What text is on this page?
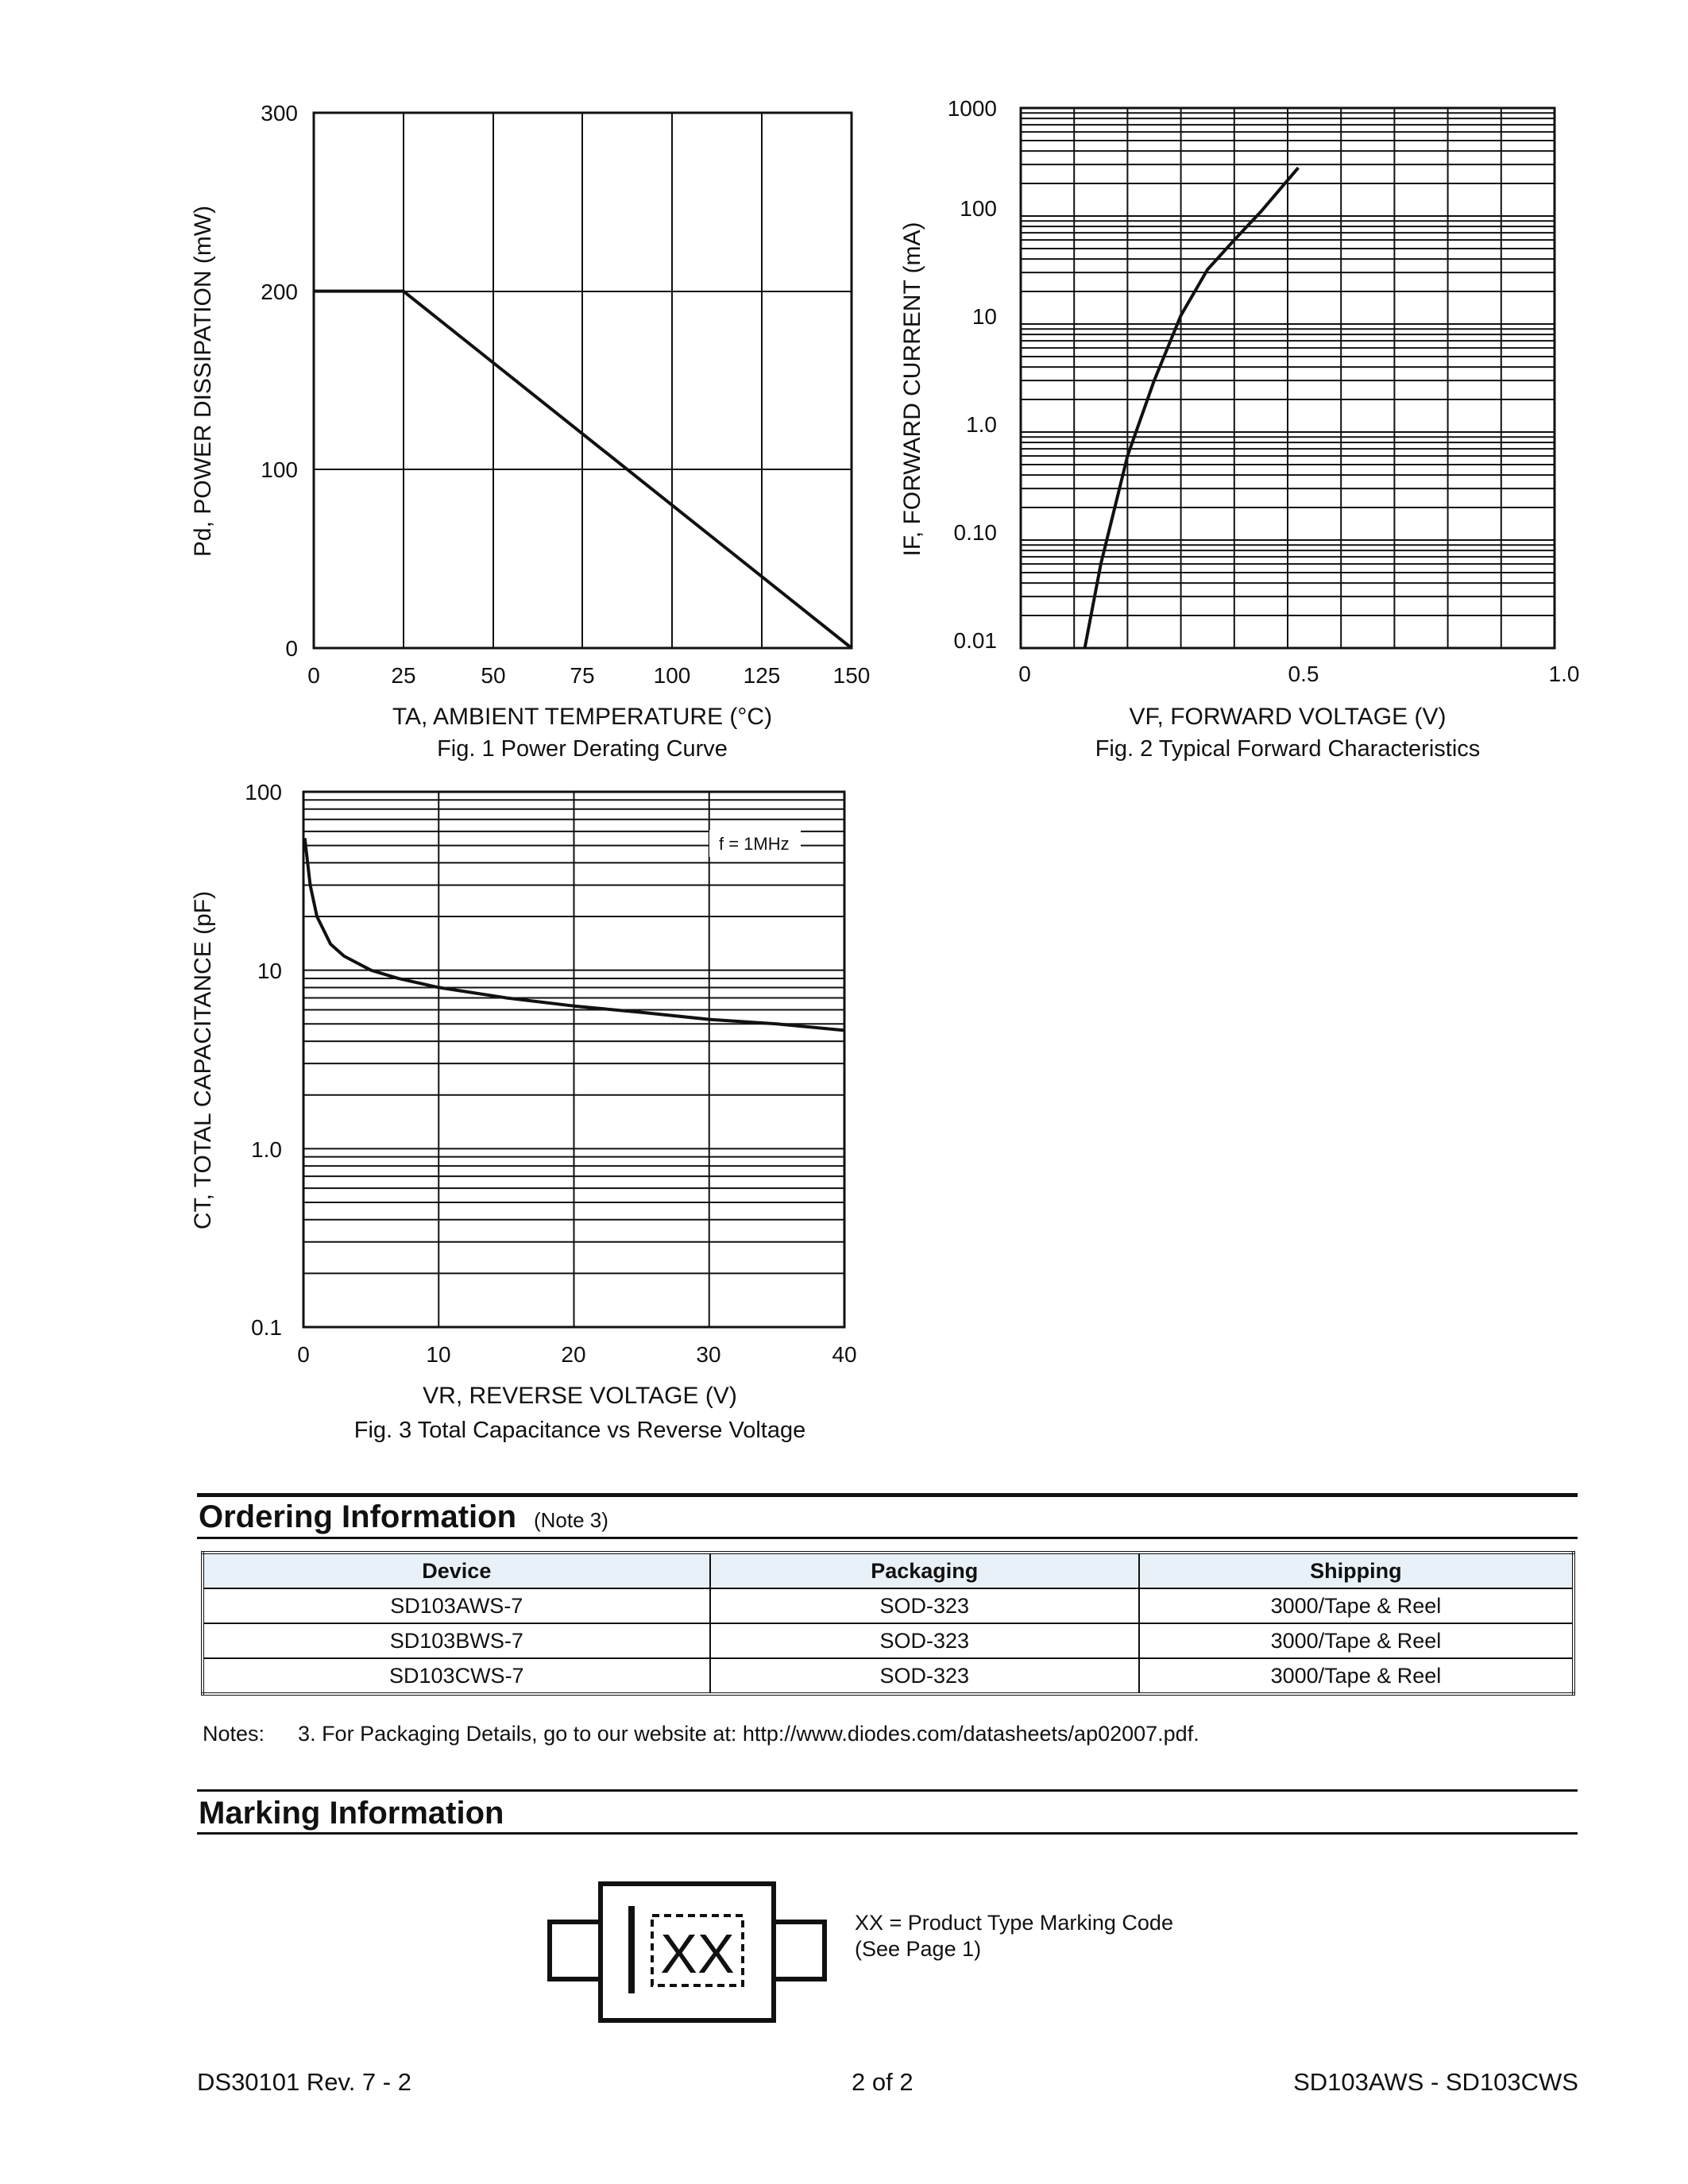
0
100
200
300
0	25	50	75	100 125 150
Pd, POWER DISSIPATION (mW)
TA, AMBIENT TEMPERATURE (°C)
Fig. 1 Power Derating Curve
0.01
0.10
1.0
10
100
1000
0	0.5	1.0
IF, FORWARD CURRENT (mA)
VF, FORWARD VOLTAGE (V)
Fig. 2 Typical Forward Characteristics
f = 1MHz
0.1
1.0
10
100
0	10	20	30	40
CT, TOTAL CAPACITANCE (pF)
VR, REVERSE VOLTAGE (V)
Fig. 3 Total Capacitance vs Reverse Voltage
Ordering Information (Note 3)
Device	Packaging	Shipping
SD103AWS-7	SOD-323	3000/Tape & Reel
SD103BWS-7	SOD-323	3000/Tape & Reel
SD103CWS-7	SOD-323	3000/Tape & Reel
Notes: 3. For Packaging Details, go to our website at: http://www.diodes.com/datasheets/ap02007.pdf.
Marking Information
XX	XX = Product Type Marking Code
(See Page 1)
DS30101 Rev. 7 - 2	2 of 2	SD103AWS - SD103CWS
